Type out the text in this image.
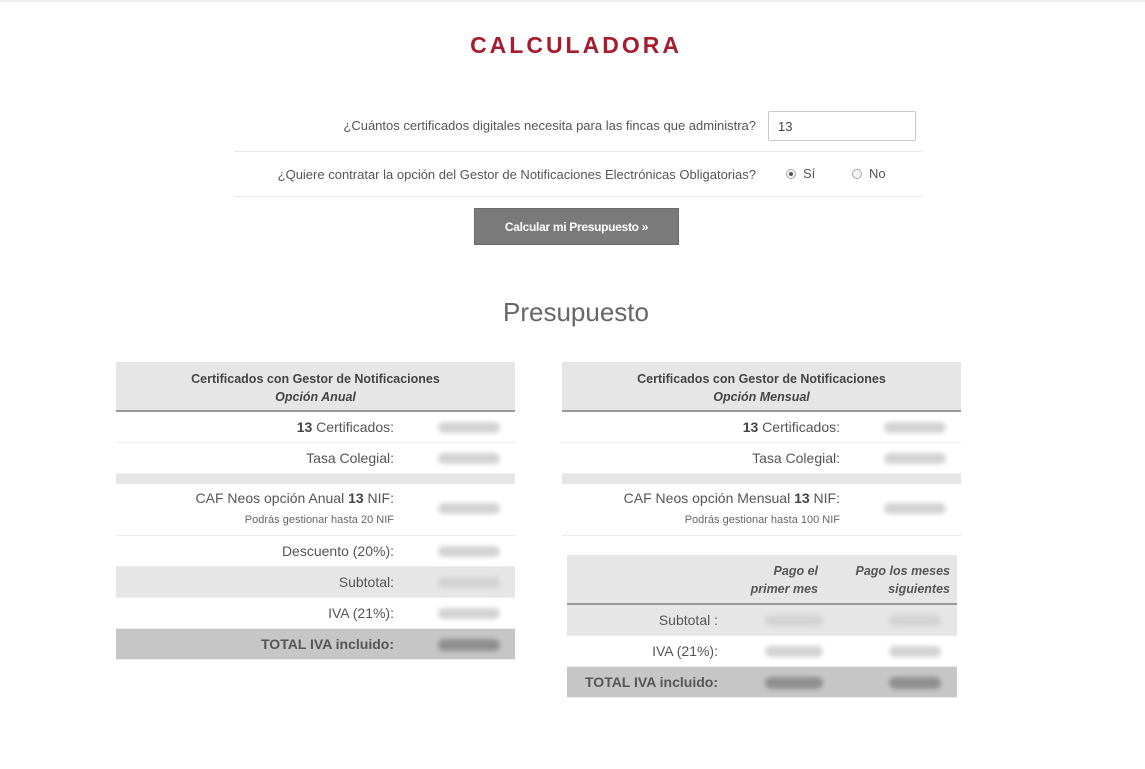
CALCULADORA
¿Cuántos certificados digitales necesita para las fincas que administra?
13
¿Quiere contratar la opción del Gestor de Notificaciones Electrónicas Obligatorias?	Sí	No
Calcular mi Presupuesto »
Presupuesto
Certificados con Gestor de Notificaciones
Opción Anual
13 Certificados:
Tasa Colegial:
CAF Neos opción Anual 13 NIF:
Podrás gestionar hasta 20 NIF
Descuento (20%):
Subtotal:
IVA (21%):
TOTAL IVA incluido:
Certificados con Gestor de Notificaciones
Opción Mensual
13 Certificados:
Tasa Colegial:
CAF Neos opción Mensual 13 NIF:
Podrás gestionar hasta 100 NIF
Pago el primer mes
Pago los meses siguientes
Subtotal :
IVA (21%):
TOTAL IVA incluido:
